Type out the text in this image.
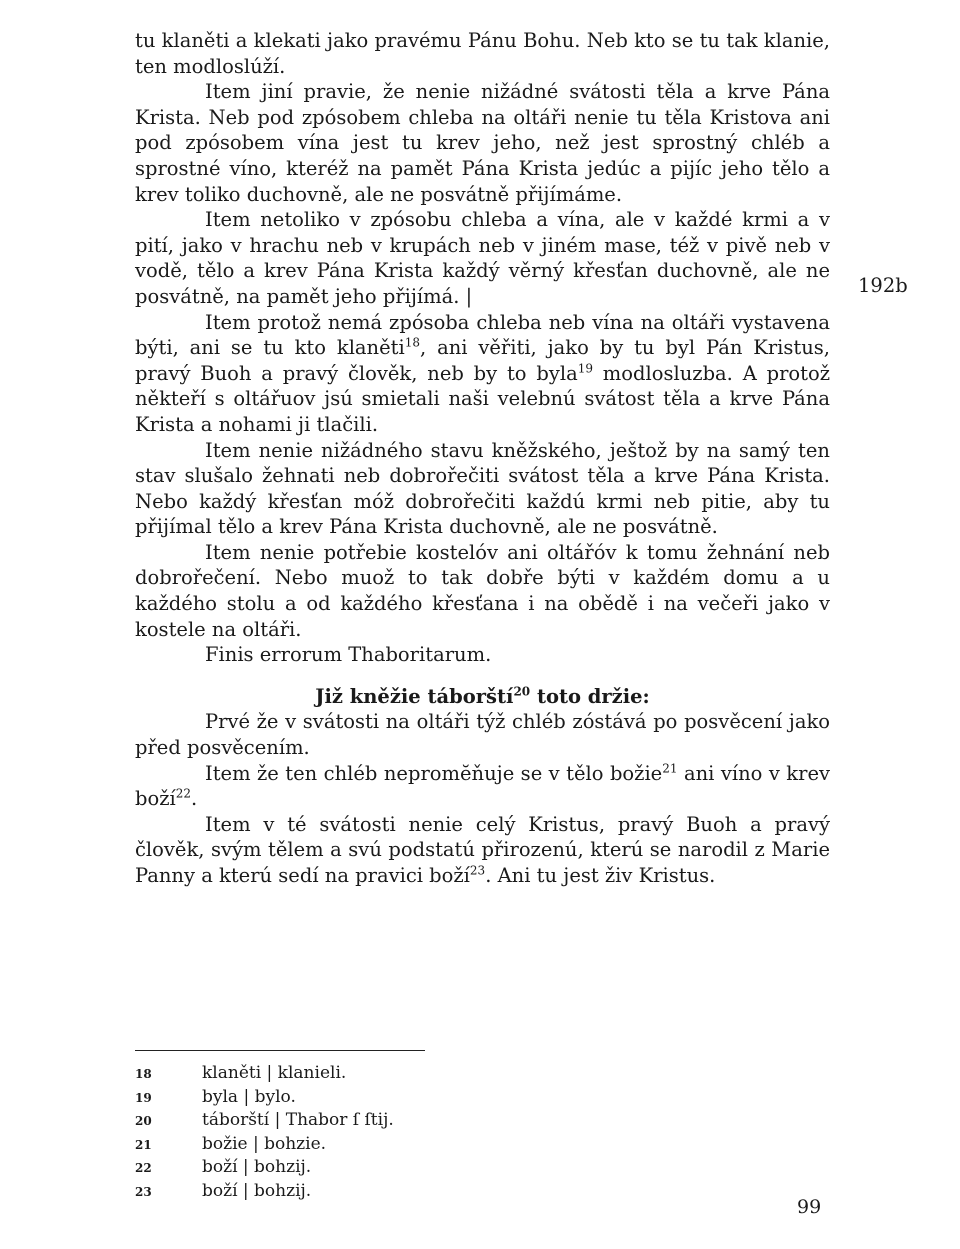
tu klaněti a klekati jako pravému Pánu Bohu. Neb kto se tu tak klanie, ten modloslúží.

Item jiní pravie, že nenie nižádné svátosti těla a krve Pána Krista. Neb pod zpósobem chleba na oltáři nenie tu těla Kristova ani pod zpósobem vína jest tu krev jeho, než jest sprostný chléb a sprostné víno, kteréž na pamět Pána Krista jedúc a pijíc jeho tělo a krev toliko duchovně, ale ne posvátně přijímáme.

Item netoliko v zpósobu chleba a vína, ale v každé krmi a v pití, jako v hrachu neb v krupách neb v jiném mase, též v pivě neb v vodě, tělo a krev Pána Krista každý věrný křesťan duchovně, ale ne posvátně, na pamět jeho přijímá. |

Item protož nemá zpósoba chleba neb vína na oltáři vystavena býti, ani se tu kto klaněti$^{18}$, ani věřiti, jako by tu byl Pán Kristus, pravý Buoh a pravý člověk, neb by to byla$^{19}$ modlosluzba. A protož někteří s oltářuov jsú smietali naši velebnú svátost těla a krve Pána Krista a nohami ji tlačili.

Item nenie nižádného stavu kněžského, ještož by na samý ten stav slušalo žehnati neb dobrořečiti svátost těla a krve Pána Krista. Nebo každý křesťan móž dobrořečiti každú krmi neb pitie, aby tu přijímal tělo a krev Pána Krista duchovně, ale ne posvátně.

Item nenie potřebie kostelóv ani oltářóv k tomu žehnání neb dobrořečení. Nebo muož to tak dobře býti v každém domu a u každého stolu a od každého křesťana i na obědě i na večeři jako v kostele na oltáři.

Finis errorum Thaboritarum.

Již kněžie táborští$^{20}$ toto držie:

Prvé že v svátosti na oltáři týž chléb zóstává po posvěcení jako před posvěcením.

Item že ten chléb nepromĕňuje se v tělo božie$^{21}$ ani víno v krev boží$^{22}$.

Item v té svátosti nenie celý Kristus, pravý Buoh a pravý člověk, svým tělem a svú podstatú přirozenú, kterú se narodil z Marie Panny a kterú sedí na pravici boží$^{23}$. Ani tu jest živ Kristus.

192b
18	klaněti | klanieli.
19	byla | bylo.
20	táborští | Thabor ſ ſtij.
21	božie | bohzie.
22	boží | bohzij.
23	boží | bohzij.
99
